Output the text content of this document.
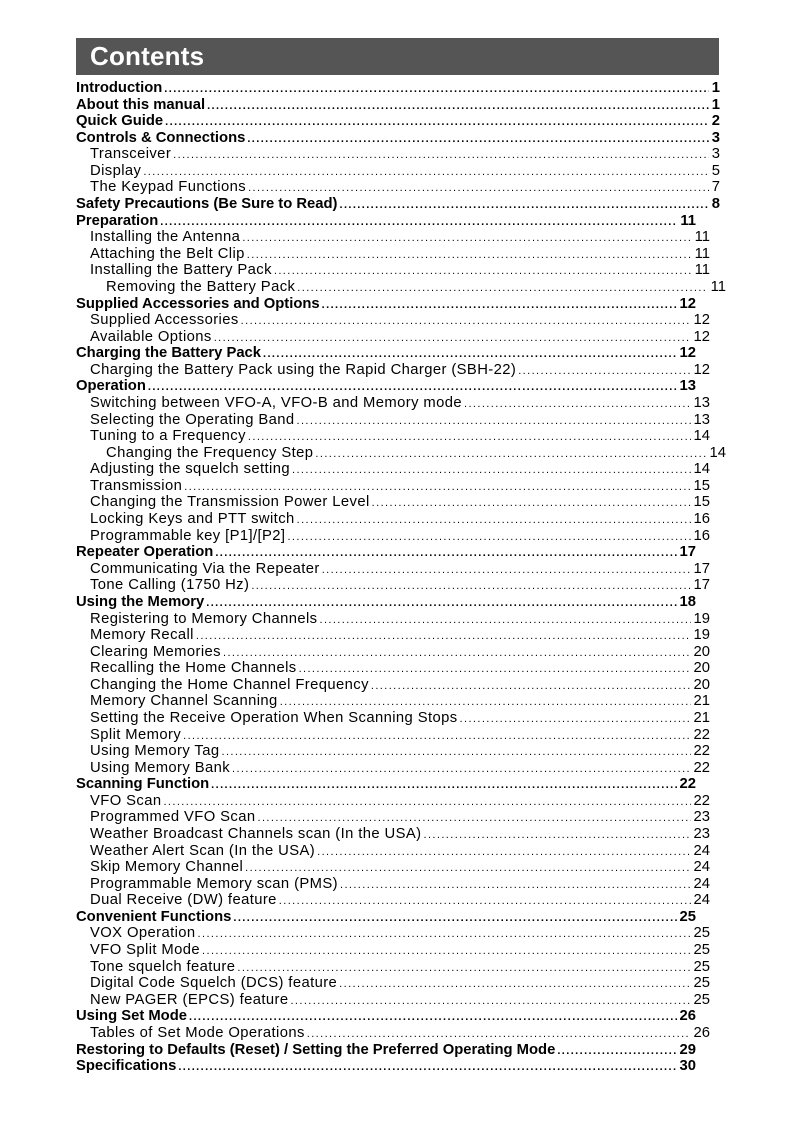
Contents
Introduction .....	1
About this manual .....	1
Quick Guide .....	2
Controls & Connections .....	3
Transceiver .....	3
Display .....	5
The Keypad Functions .....	7
Safety Precautions (Be Sure to Read) .....	8
Preparation .....	11
Installing the Antenna .....	11
Attaching the Belt Clip .....	11
Installing the Battery Pack .....	11
Removing the Battery Pack .....	11
Supplied Accessories and Options .....	12
Supplied Accessories .....	12
Available Options .....	12
Charging the Battery Pack .....	12
Charging the Battery Pack using the Rapid Charger (SBH-22) .....	12
Operation .....	13
Switching between VFO-A, VFO-B and Memory mode .....	13
Selecting the Operating Band .....	13
Tuning to a Frequency .....	14
Changing the Frequency Step .....	14
Adjusting the squelch setting .....	14
Transmission .....	15
Changing the Transmission Power Level .....	15
Locking Keys and PTT switch .....	16
Programmable key [P1]/[P2] .....	16
Repeater Operation .....	17
Communicating Via the Repeater .....	17
Tone Calling (1750 Hz) .....	17
Using the Memory .....	18
Registering to Memory Channels .....	19
Memory Recall .....	19
Clearing Memories .....	20
Recalling the Home Channels .....	20
Changing the Home Channel Frequency .....	20
Memory Channel Scanning .....	21
Setting the Receive Operation When Scanning Stops .....	21
Split Memory .....	22
Using Memory Tag .....	22
Using Memory Bank .....	22
Scanning Function .....	22
VFO Scan .....	22
Programmed VFO Scan .....	23
Weather Broadcast Channels scan (In the USA) .....	23
Weather Alert Scan (In the USA) .....	24
Skip Memory Channel .....	24
Programmable Memory scan (PMS) .....	24
Dual Receive (DW) feature .....	24
Convenient Functions .....	25
VOX Operation .....	25
VFO Split Mode .....	25
Tone squelch feature .....	25
Digital Code Squelch (DCS) feature .....	25
New PAGER (EPCS) feature .....	25
Using Set Mode .....	26
Tables of Set Mode Operations .....	26
Restoring to Defaults (Reset) / Setting the Preferred Operating Mode .....	29
Specifications .....	30
